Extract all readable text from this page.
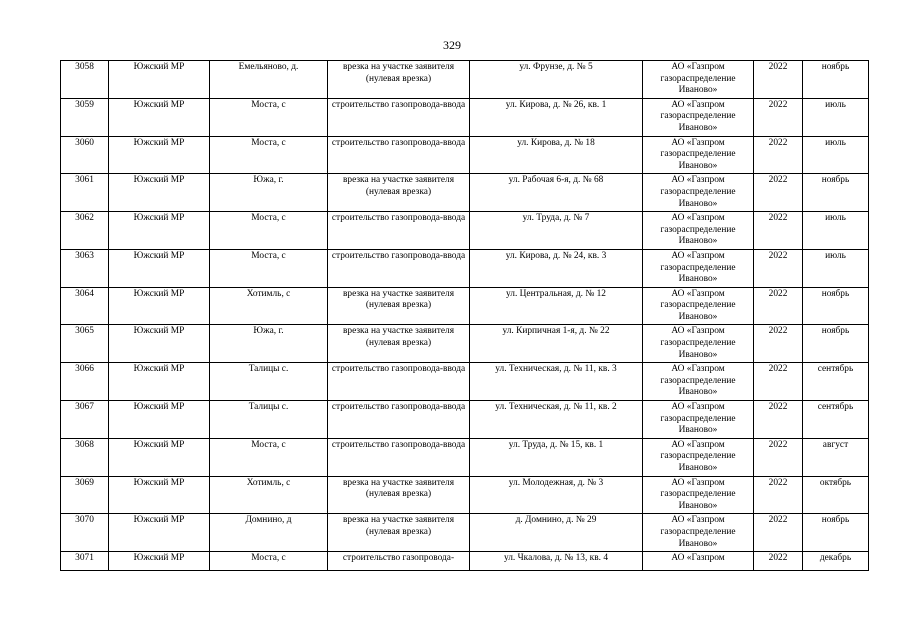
329
3058	Южский МР	Емельяново, д.	врезка на участке заявителя (нулевая врезка)	ул. Фрунзе, д. № 5	АО «Газпром газораспределение Иваново»	2022	ноябрь
3059	Южский МР	Моста, с	строительство газопровода-ввода	ул. Кирова, д. № 26, кв. 1	АО «Газпром газораспределение Иваново»	2022	июль
3060	Южский МР	Моста, с	строительство газопровода-ввода	ул. Кирова, д. № 18	АО «Газпром газораспределение Иваново»	2022	июль
3061	Южский МР	Южа, г.	врезка на участке заявителя (нулевая врезка)	ул. Рабочая 6-я, д. № 68	АО «Газпром газораспределение Иваново»	2022	ноябрь
3062	Южский МР	Моста, с	строительство газопровода-ввода	ул. Труда, д. № 7	АО «Газпром газораспределение Иваново»	2022	июль
3063	Южский МР	Моста, с	строительство газопровода-ввода	ул. Кирова, д. № 24, кв. 3	АО «Газпром газораспределение Иваново»	2022	июль
3064	Южский МР	Хотимль, с	врезка на участке заявителя (нулевая врезка)	ул. Центральная, д. № 12	АО «Газпром газораспределение Иваново»	2022	ноябрь
3065	Южский МР	Южа, г.	врезка на участке заявителя (нулевая врезка)	ул. Кирпичная 1-я, д. № 22	АО «Газпром газораспределение Иваново»	2022	ноябрь
3066	Южский МР	Талицы с.	строительство газопровода-ввода	ул. Техническая, д. № 11, кв. 3	АО «Газпром газораспределение Иваново»	2022	сентябрь
3067	Южский МР	Талицы с.	строительство газопровода-ввода	ул. Техническая, д. № 11, кв. 2	АО «Газпром газораспределение Иваново»	2022	сентябрь
3068	Южский МР	Моста, с	строительство газопровода-ввода	ул. Труда, д. № 15, кв. 1	АО «Газпром газораспределение Иваново»	2022	август
3069	Южский МР	Хотимль, с	врезка на участке заявителя (нулевая врезка)	ул. Молодежная, д. № 3	АО «Газпром газораспределение Иваново»	2022	октябрь
3070	Южский МР	Домнино, д	врезка на участке заявителя (нулевая врезка)	д. Домнино, д. № 29	АО «Газпром газораспределение Иваново»	2022	ноябрь
3071	Южский МР	Моста, с	строительство газопровода-	ул. Чкалова, д. № 13, кв. 4	АО «Газпром	2022	декабрь
